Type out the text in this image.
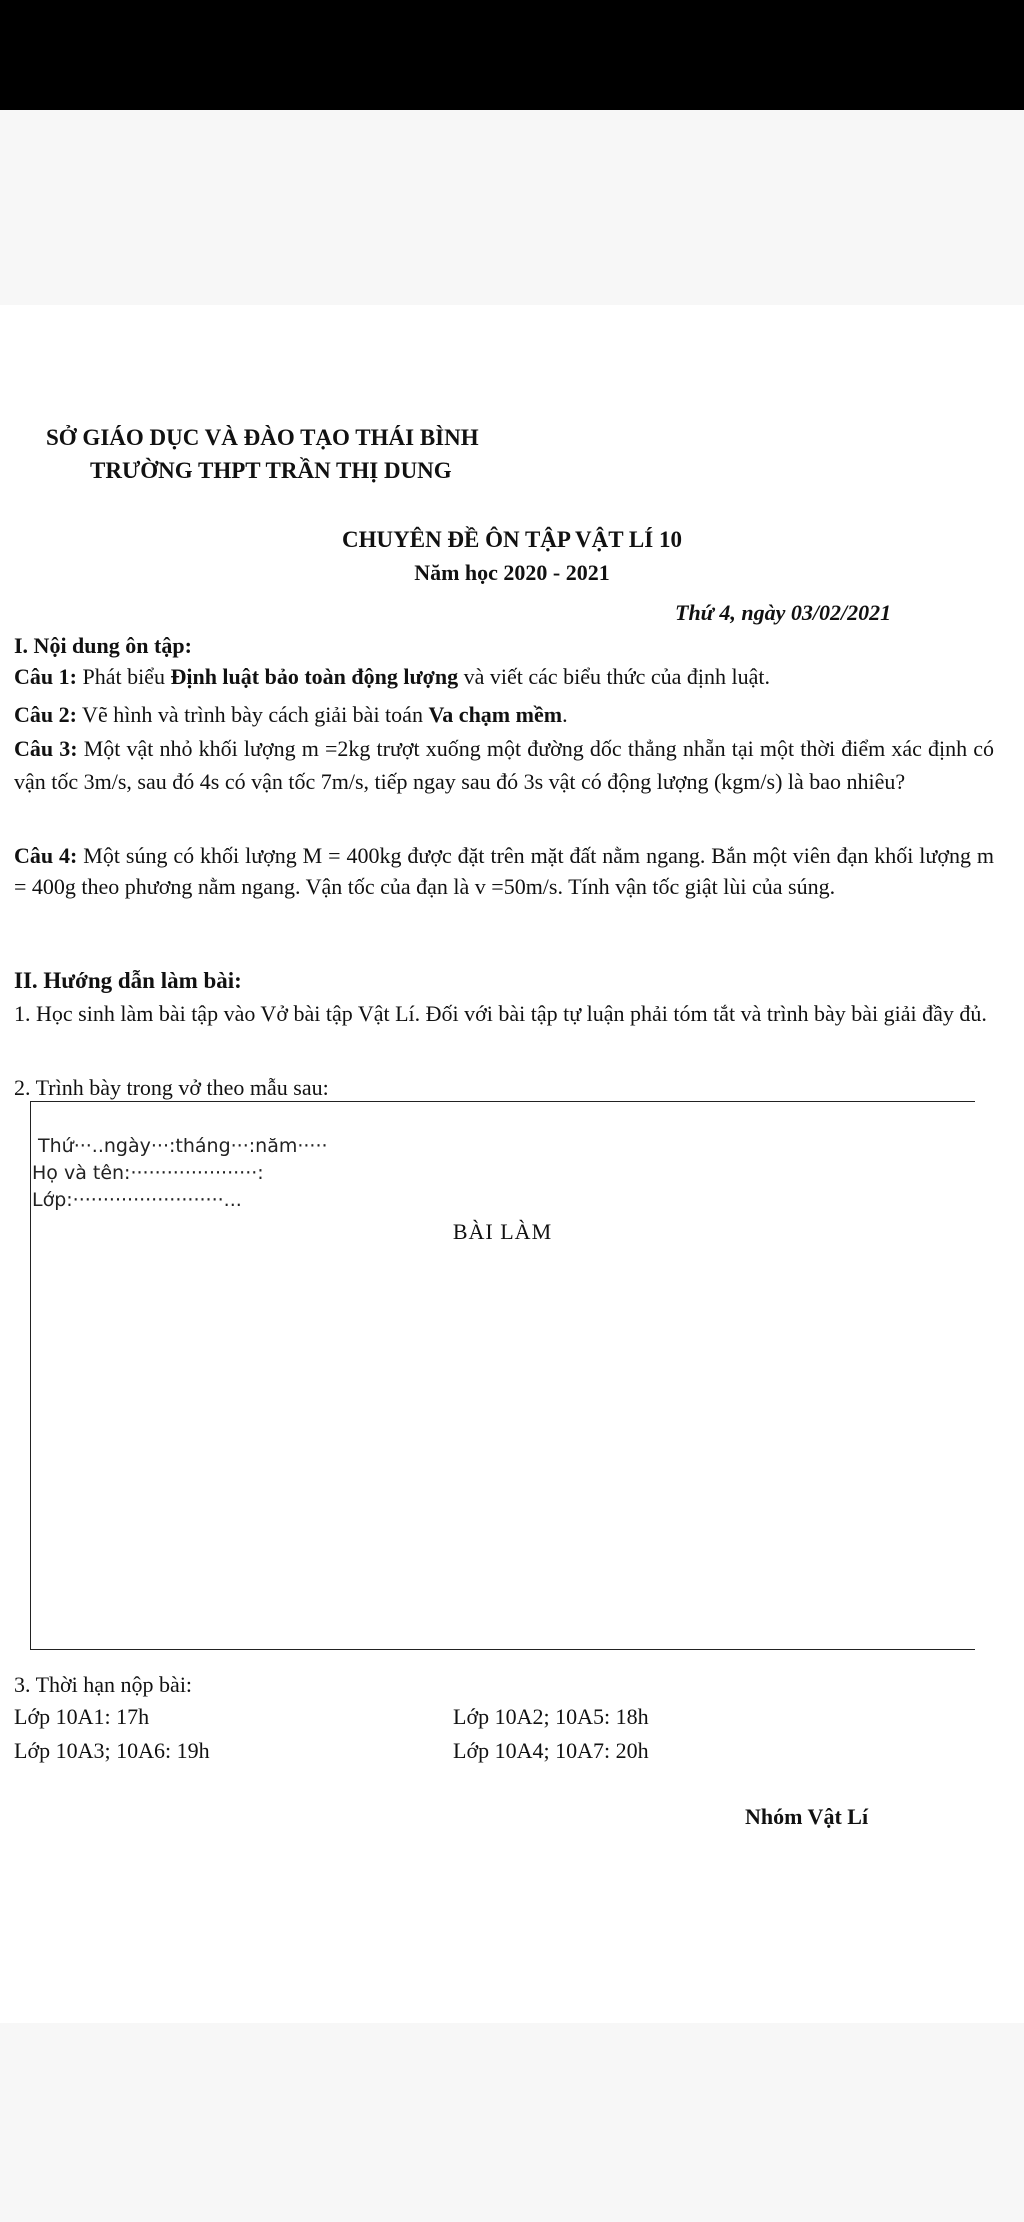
SỞ GIÁO DỤC VÀ ĐÀO TẠO THÁI BÌNH
TRƯỜNG THPT TRẦN THỊ DUNG
CHUYÊN ĐỀ ÔN TẬP VẬT LÍ 10
Năm học 2020 - 2021
Thứ 4, ngày 03/02/2021
I. Nội dung ôn tập:
Câu 1: Phát biểu Định luật bảo toàn động lượng và viết các biểu thức của định luật.
Câu 2: Vẽ hình và trình bày cách giải bài toán Va chạm mềm.
Câu 3: Một vật nhỏ khối lượng m =2kg trượt xuống một đường dốc thẳng nhẵn tại một thời điểm xác định có vận tốc 3m/s, sau đó 4s có vận tốc 7m/s, tiếp ngay sau đó 3s vật có động lượng (kgm/s) là bao nhiêu?
Câu 4: Một súng có khối lượng M = 400kg được đặt trên mặt đất nằm ngang. Bắn một viên đạn khối lượng m = 400g theo phương nằm ngang. Vận tốc của đạn là v =50m/s. Tính vận tốc giật lùi của súng.
II. Hướng dẫn làm bài:
1. Học sinh làm bài tập vào Vở bài tập Vật Lí. Đối với bài tập tự luận phải tóm tắt và trình bày bài giải đầy đủ.
2. Trình bày trong vở theo mẫu sau:
Thứ···..ngày···:tháng···:năm·····
Họ và tên:·····················:
Lớp:·························...
BÀI LÀM
3. Thời hạn nộp bài:
Lớp 10A1: 17h	Lớp 10A2; 10A5: 18h
Lớp 10A3; 10A6: 19h	Lớp 10A4; 10A7: 20h
Nhóm Vật Lí
